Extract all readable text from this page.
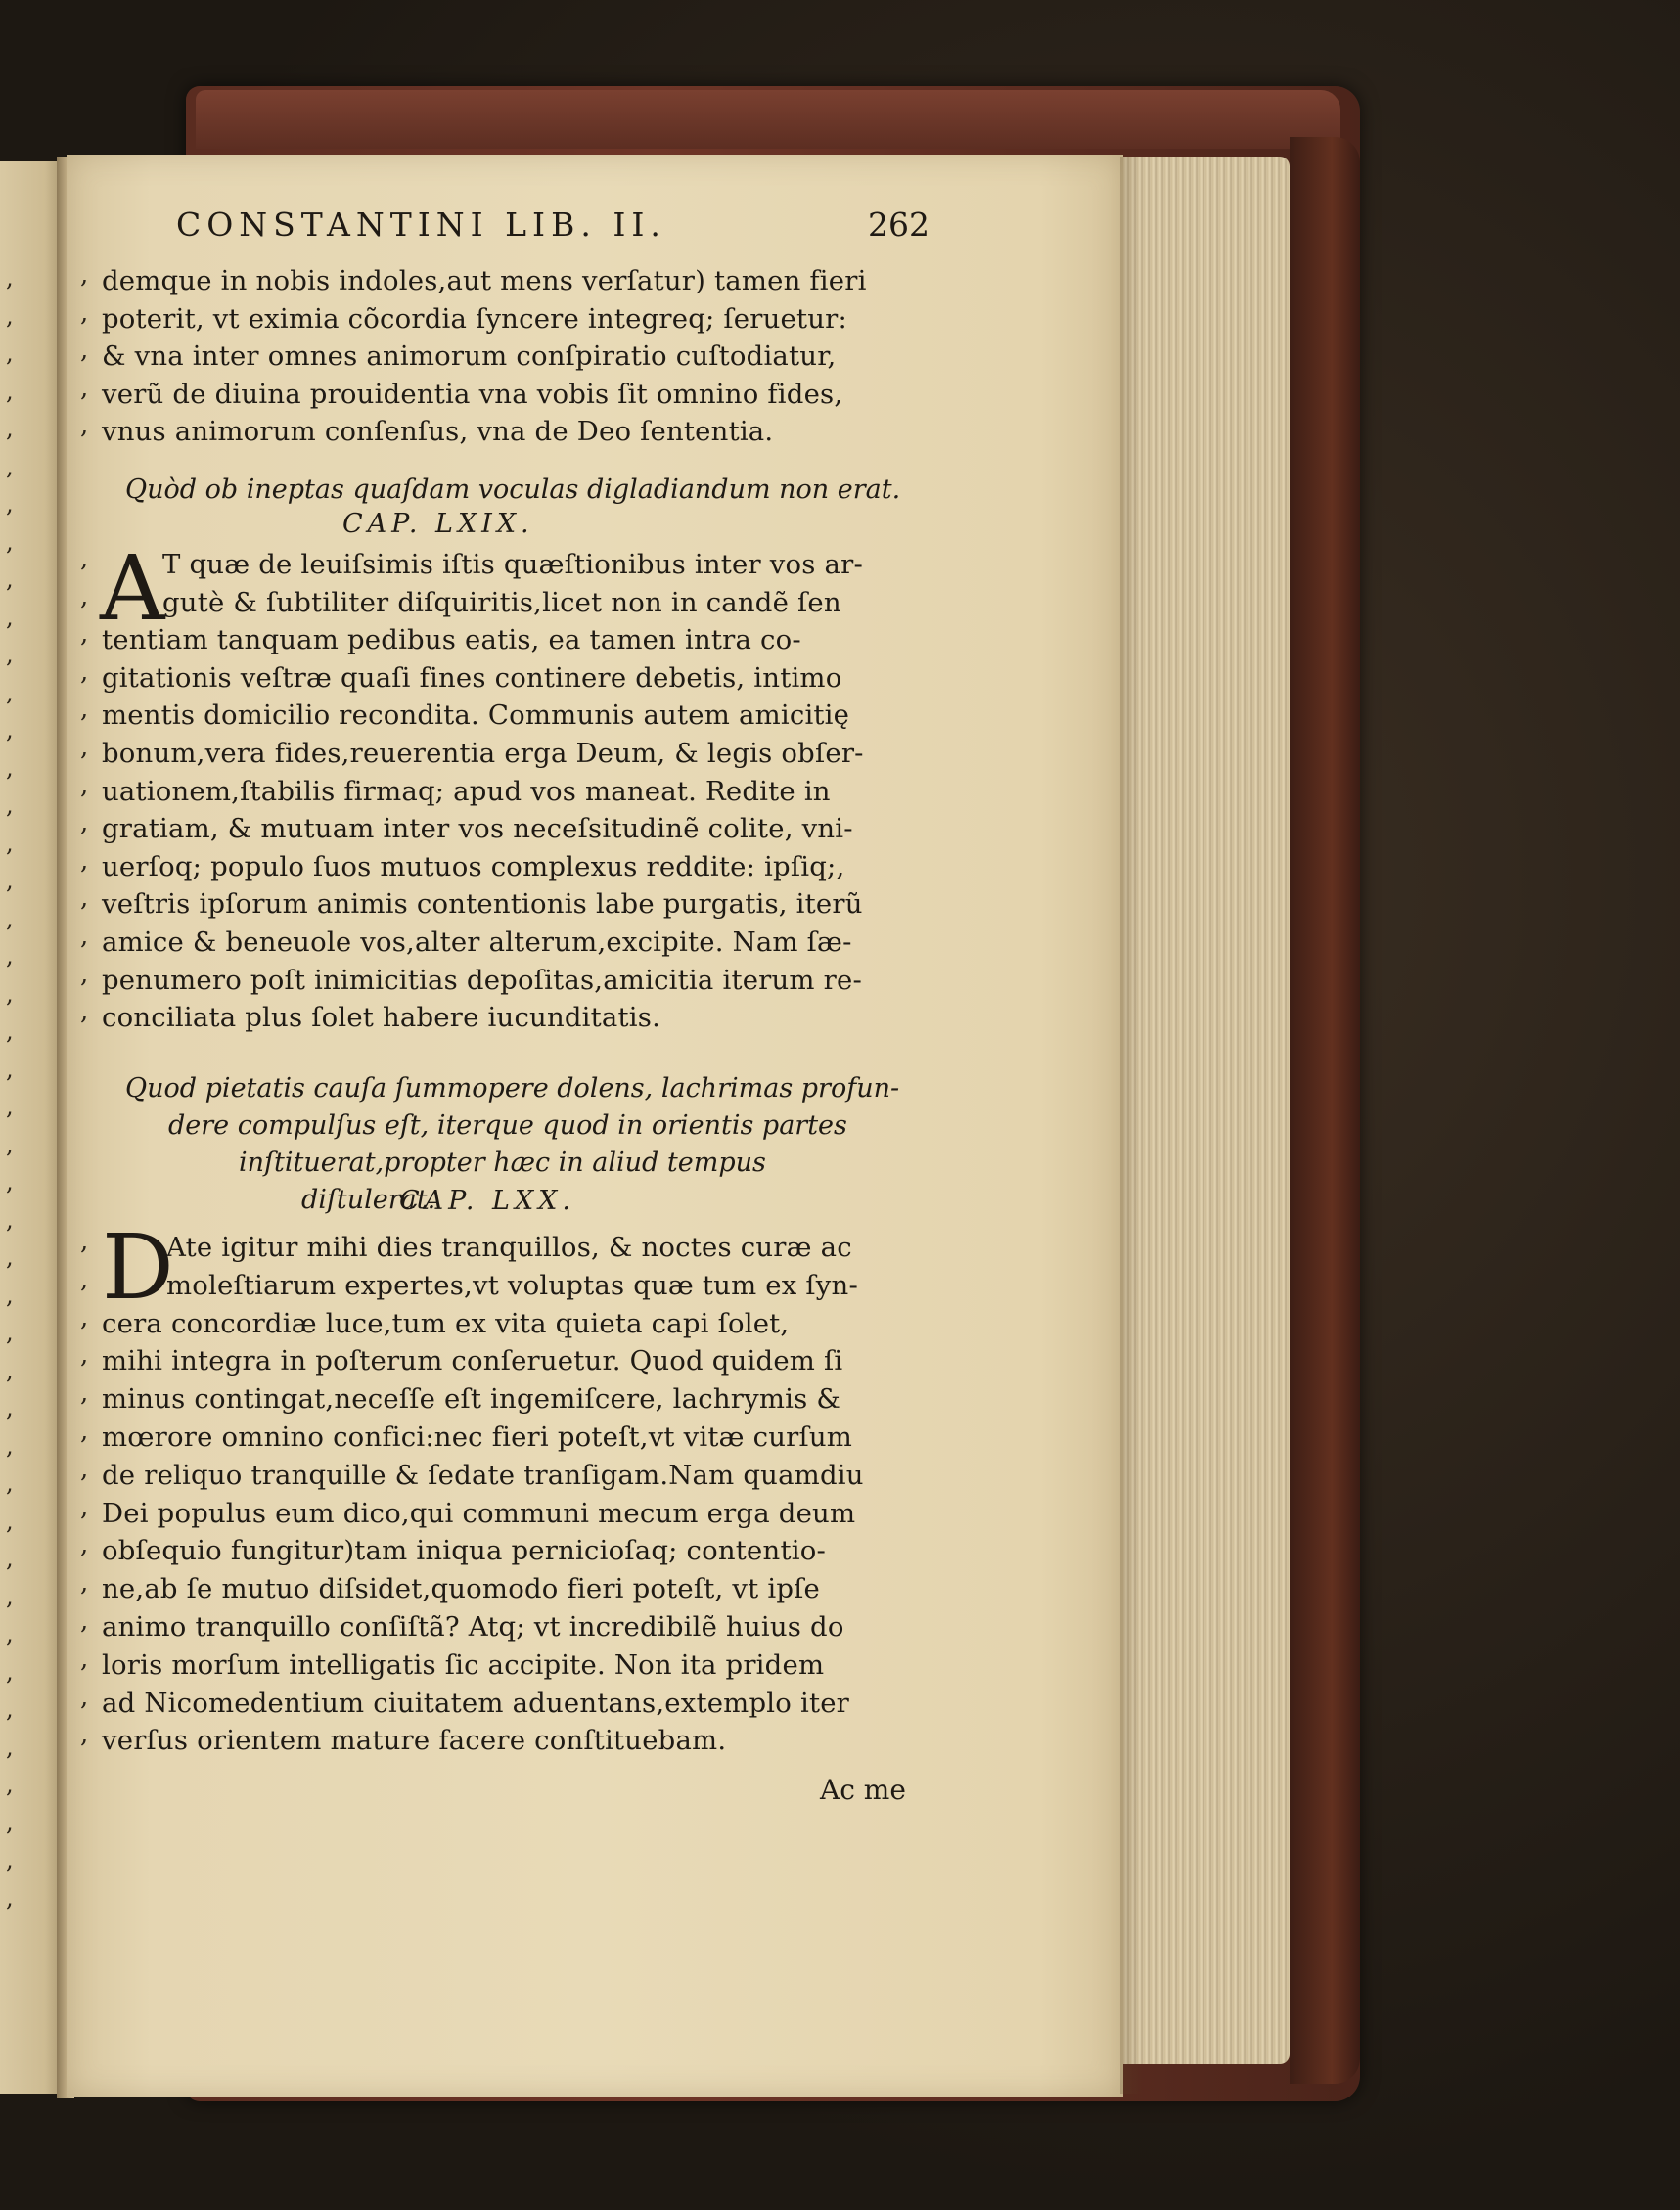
,
,
,
,
,
,
,
,
,
,
,
,
,
,
,
,
,
,
,
,
,
,
,
,
,
,
,
,
,
,
,
,
,
,
,
,
,
,
,
,
,
,
,
,
CONSTANTINI LIB. II.	262
demque in nobis indoles,aut mens verſatur) tamen fieri
,
poterit, vt eximia cõcordia ſyncere integreq; ſeruetur:
,
& vna inter omnes animorum conſpiratio cuſtodiatur,
,
verũ de diuina prouidentia vna vobis ſit omnino fides,
,
vnus animorum conſenſus, vna de Deo ſententia.
,
Quòd ob ineptas quaſdam voculas digladiandum non erat.
CAP. LXIX.
A
T quæ de leuiſsimis iſtis quæſtionibus inter vos ar-
,
gutè & ſubtiliter diſquiritis,licet non in candẽ ſen
,
tentiam tanquam pedibus eatis, ea tamen intra co-
,
gitationis veſtræ quaſi fines continere debetis, intimo
,
mentis domicilio recondita. Communis autem amicitię
,
bonum,vera fides,reuerentia erga Deum, & legis obſer-
,
uationem,ſtabilis firmaq; apud vos maneat. Redite in
,
gratiam, & mutuam inter vos neceſsitudinẽ colite, vni-
,
uerſoq; populo ſuos mutuos complexus reddite: ipſiq;,
,
veſtris ipſorum animis contentionis labe purgatis, iterũ
,
amice & beneuole vos,alter alterum,excipite. Nam ſæ-
,
penumero poſt inimicitias depoſitas,amicitia iterum re-
,
conciliata plus ſolet habere iucunditatis.
,
Quod pietatis cauſa ſummopere dolens, lachrimas profun-
dere compulſus eſt, iterque quod in orientis partes
inſtituerat,propter hæc in aliud tempus
diſtulerat.
CAP. LXX.
D
Ate igitur mihi dies tranquillos, & noctes curæ ac
,
moleſtiarum expertes,vt voluptas quæ tum ex ſyn-
,
cera concordiæ luce,tum ex vita quieta capi ſolet,
,
mihi integra in poſterum conſeruetur. Quod quidem ſi
,
minus contingat,neceſſe eſt ingemiſcere, lachrymis &
,
mœrore omnino confici:nec fieri poteſt,vt vitæ curſum
,
de reliquo tranquille & ſedate tranſigam.Nam quamdiu
,
Dei populus eum dico,qui communi mecum erga deum
,
obſequio fungitur)tam iniqua pernicioſaq; contentio-
,
ne,ab ſe mutuo diſsidet,quomodo fieri poteſt, vt ipſe
,
animo tranquillo conſiſtã? Atq; vt incredibilẽ huius do
,
loris morſum intelligatis ſic accipite. Non ita pridem
,
ad Nicomedentium ciuitatem aduentans,extemplo iter
,
verſus orientem mature facere conſtituebam.
,
Ac me
